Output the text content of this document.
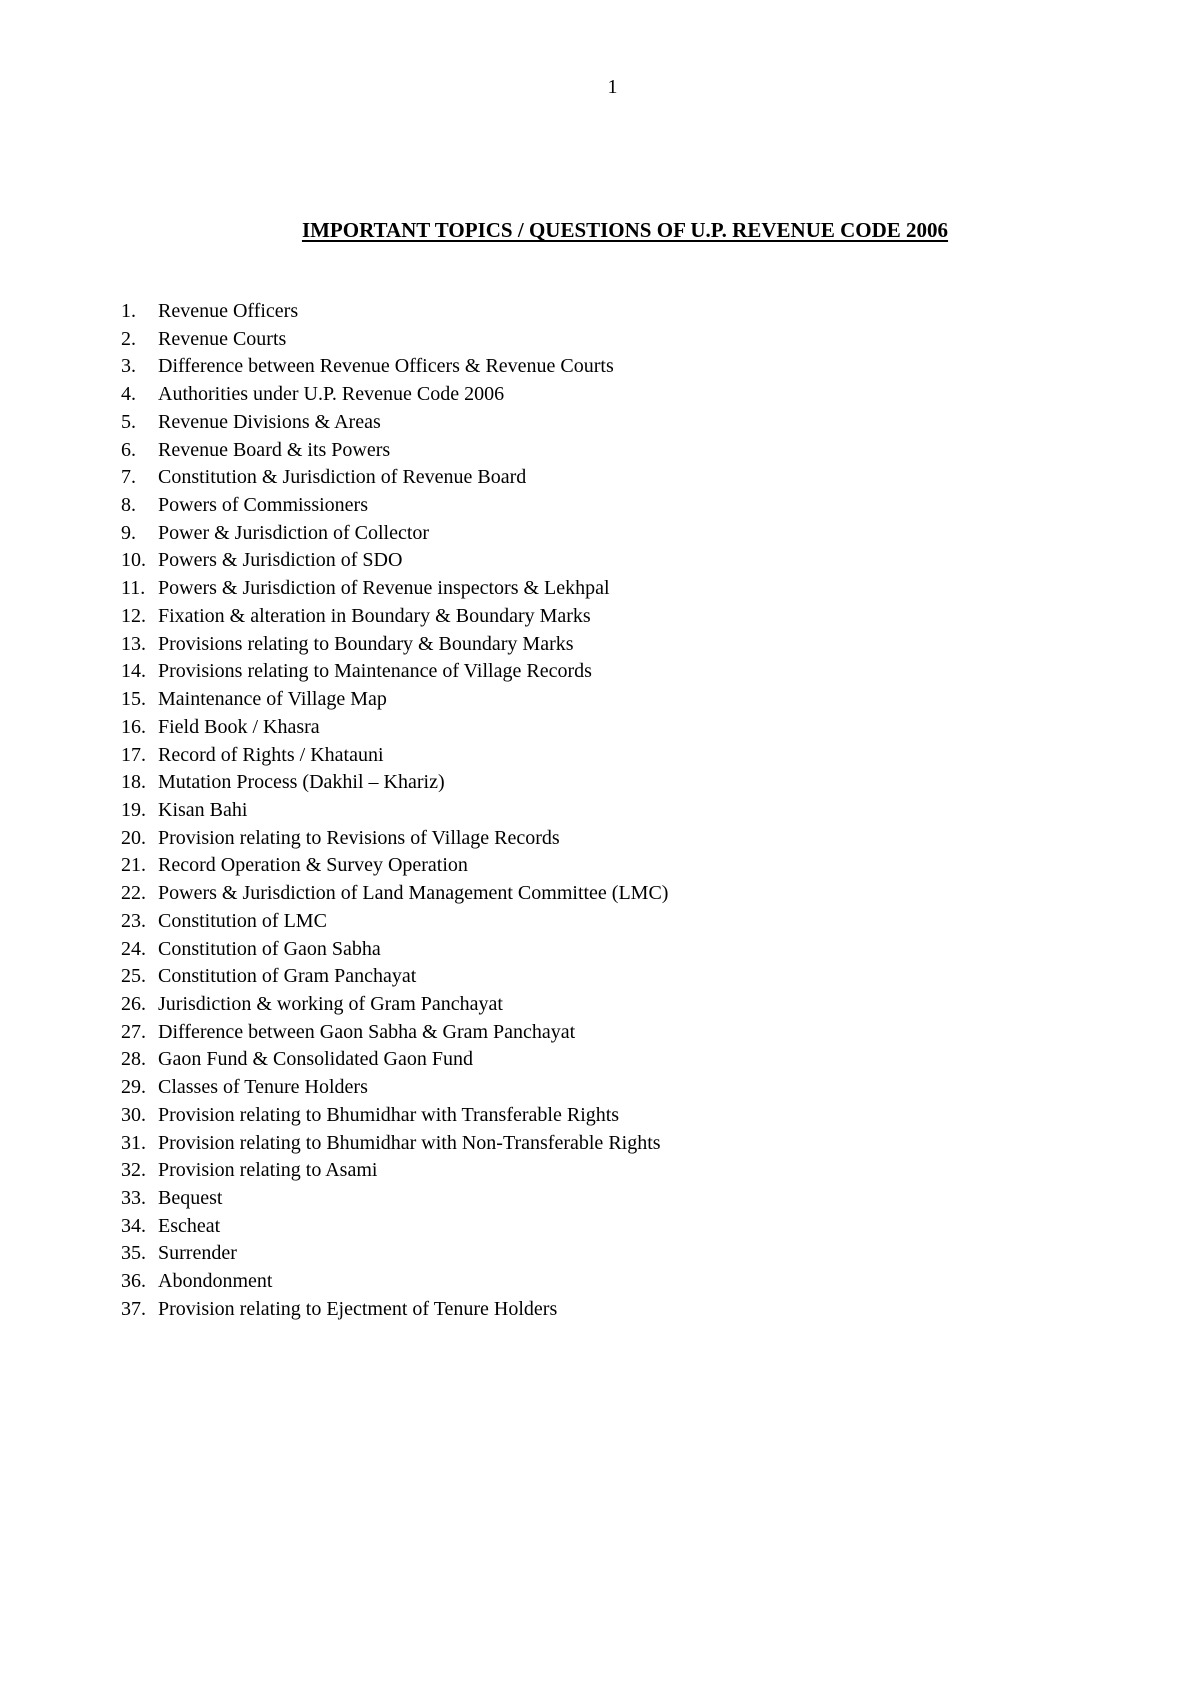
1
IMPORTANT TOPICS / QUESTIONS OF U.P. REVENUE CODE 2006
1.	Revenue Officers
2.	Revenue Courts
3.	Difference between Revenue Officers & Revenue Courts
4.	Authorities under U.P. Revenue Code 2006
5.	Revenue Divisions & Areas
6.	Revenue Board & its Powers
7.	Constitution & Jurisdiction of Revenue Board
8.	Powers of Commissioners
9.	Power & Jurisdiction of Collector
10. Powers & Jurisdiction of SDO
11. Powers & Jurisdiction of Revenue inspectors & Lekhpal
12. Fixation & alteration in Boundary & Boundary Marks
13. Provisions relating to Boundary & Boundary Marks
14. Provisions relating to Maintenance of Village Records
15. Maintenance of Village Map
16. Field Book / Khasra
17. Record of Rights / Khatauni
18. Mutation Process (Dakhil – Khariz)
19. Kisan Bahi
20. Provision relating to Revisions of Village Records
21. Record Operation & Survey Operation
22. Powers & Jurisdiction of Land Management Committee (LMC)
23. Constitution of LMC
24. Constitution of Gaon Sabha
25. Constitution of Gram Panchayat
26. Jurisdiction & working of Gram Panchayat
27. Difference between Gaon Sabha & Gram Panchayat
28. Gaon Fund & Consolidated Gaon Fund
29. Classes of Tenure Holders
30. Provision relating to Bhumidhar with Transferable Rights
31. Provision relating to Bhumidhar with Non-Transferable Rights
32. Provision relating to Asami
33. Bequest
34. Escheat
35. Surrender
36. Abondonment
37. Provision relating to Ejectment of Tenure Holders
